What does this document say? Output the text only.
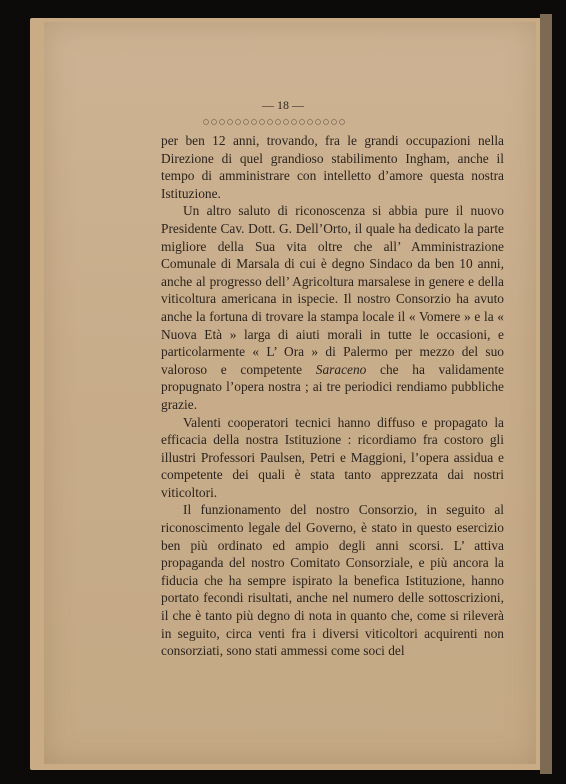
— 18 —

per ben 12 anni, trovando, fra le grandi occupazioni nella Direzione di quel grandioso stabilimento Ingham, anche il tempo di amministrare con intelletto d’amore questa nostra Istituzione.

Un altro saluto di riconoscenza si abbia pure il nuovo Presidente Cav. Dott. G. Dell’Orto, il quale ha dedicato la parte migliore della Sua vita oltre che all’ Amministrazione Comunale di Marsala di cui è degno Sindaco da ben 10 anni, anche al progresso dell’ Agricoltura marsalese in genere e della viticoltura americana in ispecie. Il nostro Consorzio ha avuto anche la fortuna di trovare la stampa locale il « Vomere » e la « Nuova Età » larga di aiuti morali in tutte le occasioni, e particolarmente « L’ Ora » di Palermo per mezzo del suo valoroso e competente Saraceno che ha validamente propugnato l’opera nostra ; ai tre periodici rendiamo pubbliche grazie.

Valenti cooperatori tecnici hanno diffuso e propagato la efficacia della nostra Istituzione : ricordiamo fra costoro gli illustri Professori Paulsen, Petri e Maggioni, l’opera assidua e competente dei quali è stata tanto apprezzata dai nostri viticoltori.

Il funzionamento del nostro Consorzio, in seguito al riconoscimento legale del Governo, è stato in questo esercizio ben più ordinato ed ampio degli anni scorsi. L’ attiva propaganda del nostro Comitato Consorziale, e più ancora la fiducia che ha sempre ispirato la benefica Istituzione, hanno portato fecondi risultati, anche nel numero delle sottoscrizioni, il che è tanto più degno di nota in quanto che, come si rileverà in seguito, circa venti fra i diversi viticoltori acquirenti non consorziati, sono stati ammessi come soci del
